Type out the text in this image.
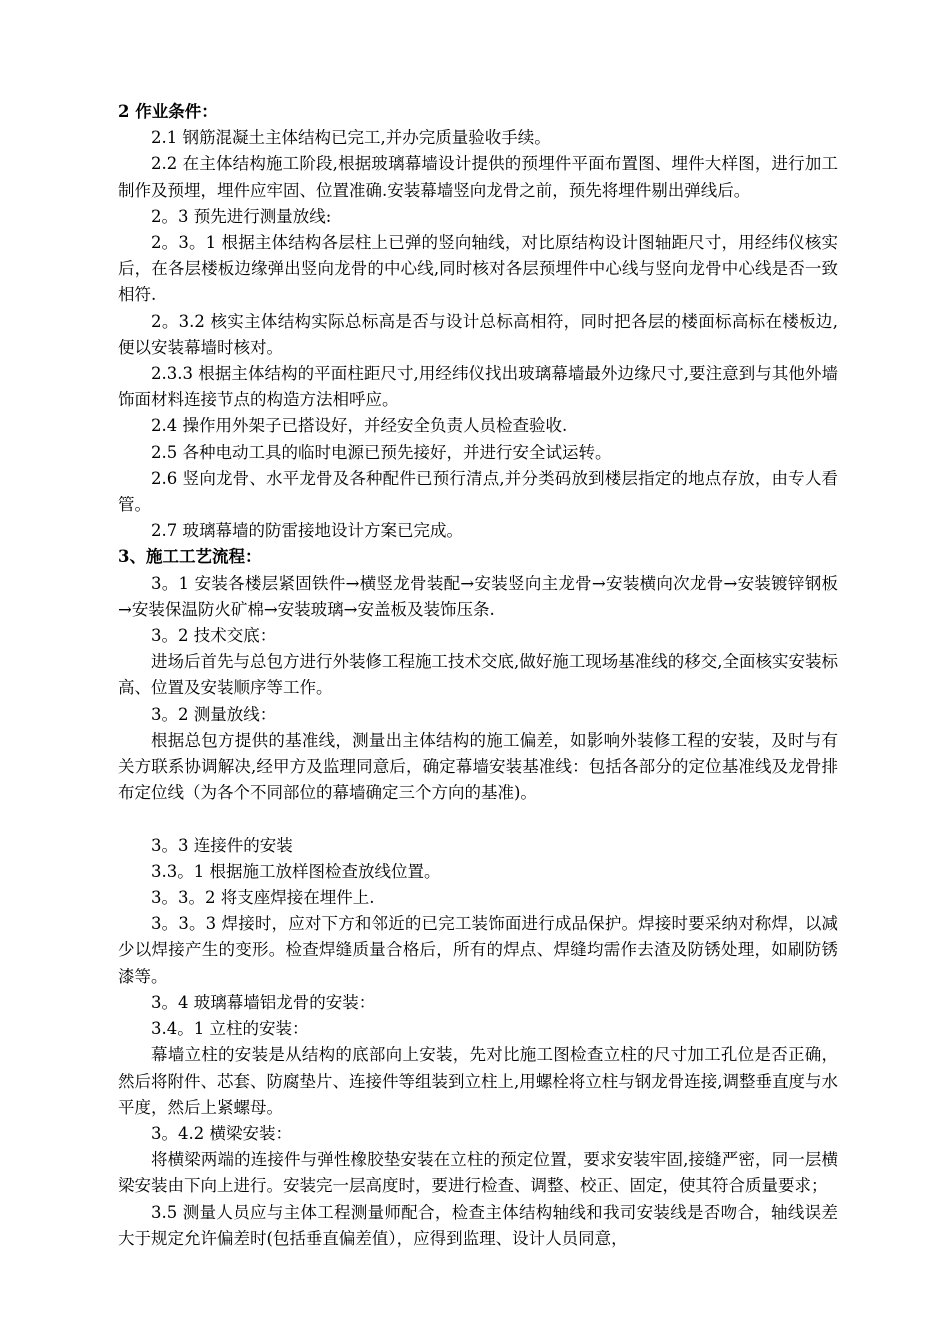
2 作业条件：

2.1 钢筋混凝土主体结构已完工,并办完质量验收手续。

2.2 在主体结构施工阶段,根据玻璃幕墙设计提供的预埋件平面布置图、埋件大样图，进行加工制作及预埋，埋件应牢固、位置准确.安装幕墙竖向龙骨之前，预先将埋件剔出弹线后。

2。3 预先进行测量放线:

2。3。1 根据主体结构各层柱上已弹的竖向轴线，对比原结构设计图轴距尺寸，用经纬仪核实后，在各层楼板边缘弹出竖向龙骨的中心线,同时核对各层预埋件中心线与竖向龙骨中心线是否一致相符.

2。3.2 核实主体结构实际总标高是否与设计总标高相符，同时把各层的楼面标高标在楼板边,便以安装幕墙时核对。

2.3.3 根据主体结构的平面柱距尺寸,用经纬仪找出玻璃幕墙最外边缘尺寸,要注意到与其他外墙饰面材料连接节点的构造方法相呼应。

2.4 操作用外架子已搭设好，并经安全负责人员检查验收.

2.5 各种电动工具的临时电源已预先接好，并进行安全试运转。

2.6 竖向龙骨、水平龙骨及各种配件已预行清点,并分类码放到楼层指定的地点存放，由专人看管。

2.7 玻璃幕墙的防雷接地设计方案已完成。

3、施工工艺流程：

3。1 安装各楼层紧固铁件→横竖龙骨装配→安装竖向主龙骨→安装横向次龙骨→安装镀锌钢板→安装保温防火矿棉→安装玻璃→安盖板及装饰压条.

3。2 技术交底：

进场后首先与总包方进行外装修工程施工技术交底,做好施工现场基准线的移交,全面核实安装标高、位置及安装顺序等工作。

3。2 测量放线：

根据总包方提供的基准线，测量出主体结构的施工偏差，如影响外装修工程的安装，及时与有关方联系协调解决,经甲方及监理同意后，确定幕墙安装基准线：包括各部分的定位基准线及龙骨排布定位线（为各个不同部位的幕墙确定三个方向的基准)。

3。3 连接件的安装

3.3。1 根据施工放样图检查放线位置。

3。3。2 将支座焊接在埋件上.

3。3。3 焊接时，应对下方和邻近的已完工装饰面进行成品保护。焊接时要采纳对称焊，以减少以焊接产生的变形。检查焊缝质量合格后，所有的焊点、焊缝均需作去渣及防锈处理，如刷防锈漆等。

3。4 玻璃幕墙铝龙骨的安装：

3.4。1 立柱的安装：

幕墙立柱的安装是从结构的底部向上安装，先对比施工图检查立柱的尺寸加工孔位是否正确，然后将附件、芯套、防腐垫片、连接件等组装到立柱上,用螺栓将立柱与钢龙骨连接,调整垂直度与水平度，然后上紧螺母。

3。4.2 横梁安装：

将横梁两端的连接件与弹性橡胶垫安装在立柱的预定位置，要求安装牢固,接缝严密，同一层横梁安装由下向上进行。安装完一层高度时，要进行检查、调整、校正、固定，使其符合质量要求；

3.5 测量人员应与主体工程测量师配合，检查主体结构轴线和我司安装线是否吻合，轴线误差大于规定允许偏差时(包括垂直偏差值），应得到监理、设计人员同意，
